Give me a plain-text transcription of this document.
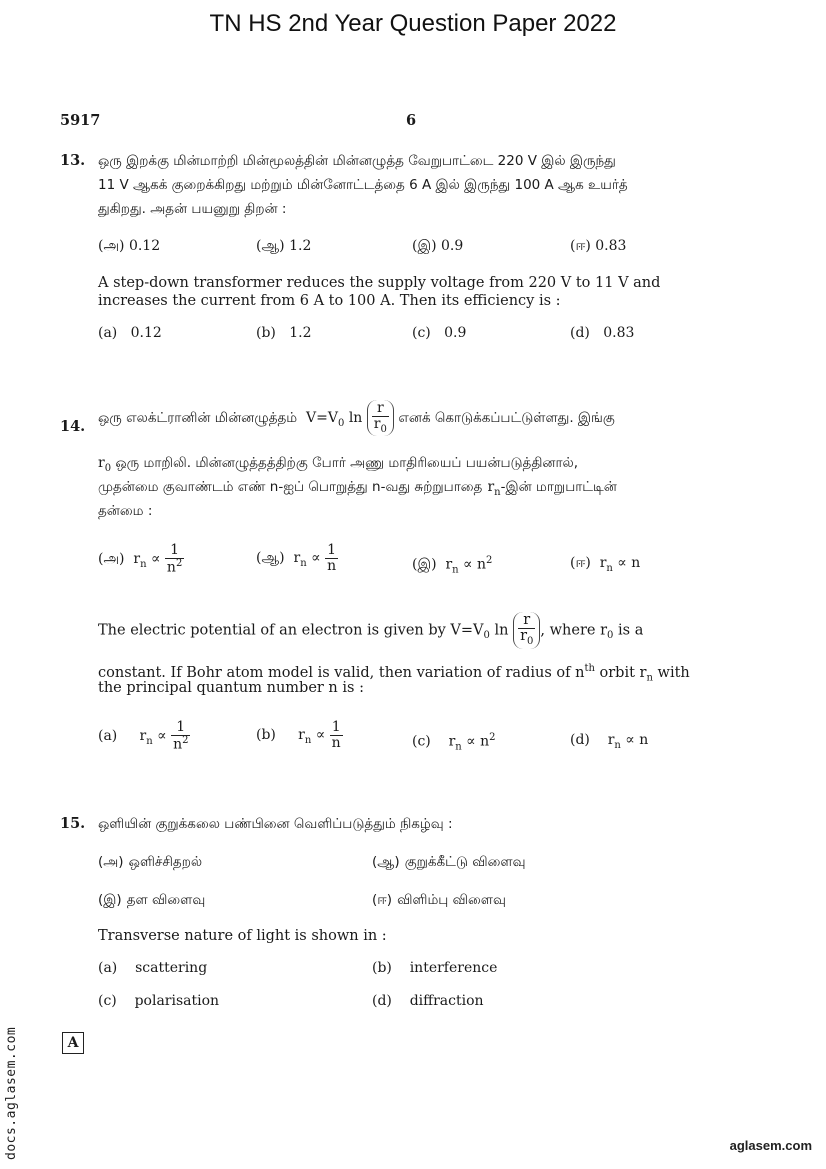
TN HS 2nd Year Question Paper 2022
5917	6
13. ஒரு இறக்கு மின்மாற்றி மின்மூலத்தின் மின்னழுத்த வேறுபாட்டை 220 V இல் இருந்து
11 V ஆகக் குறைக்கிறது மற்றும் மின்னோட்டத்தை 6 A இல் இருந்து 100 A ஆக உயர்த்
துகிறது. அதன் பயனுறு திறன் :
(அ) 0.12	(ஆ) 1.2	(இ) 0.9	(ஈ) 0.83
A step-down transformer reduces the supply voltage from 220 V to 11 V and
increases the current from 6 A to 100 A. Then its efficiency is :
(a) 0.12	(b) 1.2	(c) 0.9	(d) 0.83
14. ஒரு எலக்ட்ரானின் மின்னழுத்தம்  $V=V_0$ $\ln \frac{r}{r_0}$ எனக் கொடுக்கப்பட்டுள்ளது. இங்கு
$r_0$ ஒரு மாறிலி. மின்னழுத்தத்திற்கு போர் அணு மாதிரியைப் பயன்படுத்தினால்,
முதன்மை குவாண்டம் எண் n-ஐப் பொறுத்து n-வது சுற்றுபாதை $r_n-இன்$ மாறுபாட்டின்
தன்மை :
(அ)  $r_n \propto \frac{1}{n^2}$	(ஆ)  $r_n \propto \frac{1}{n}$	(இ)  $r_n \propto n^2$	(ஈ)  $r_n \propto n$
The electric potential of an electron is given by $V=V_0$ $\ln \frac{r}{r_0}$ , where $r_0$ is a
constant. If Bohr atom model is valid, then variation of radius of $n^{th}$ orbit $r_n$ with
the principal quantum number n is :
(a)     $r_n \propto \frac{1}{n^2}$	(b)     $r_n \propto \frac{1}{n}$	(c)    $r_n \propto n^2$	(d)    $r_n \propto n$
15. ஒளியின் குறுக்கலை பண்பினை வெளிப்படுத்தும் நிகழ்வு :
(அ) ஒளிச்சிதறல்	(ஆ) குறுக்கீட்டு விளைவு
(இ) தள விளைவு	(ஈ) விளிம்பு விளைவு
Transverse nature of light is shown in :
(a) scattering	(b) interference
(c) polarisation	(d) diffraction
A
docs.aglasem.com	aglasem.com
